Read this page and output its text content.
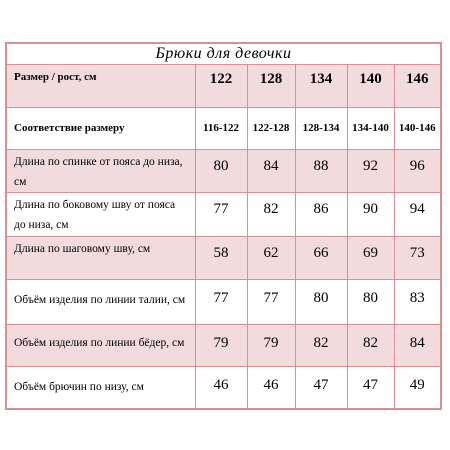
Брюки для девочки
Размер / рост, см	122	128	134	140	146
Соответствие размеру	116-122	122-128	128-134	134-140	140-146
Длина по спинке от пояса до низа, см	80	84	88	92	96
Длина по боковому шву от пояса до низа, см	77	82	86	90	94
Длина по шаговому шву, см	58	62	66	69	73
Объём изделия по линии талии, см	77	77	80	80	83
Объём изделия по линии бёдер, см	79	79	82	82	84
Объём брючин по низу, см	46	46	47	47	49
